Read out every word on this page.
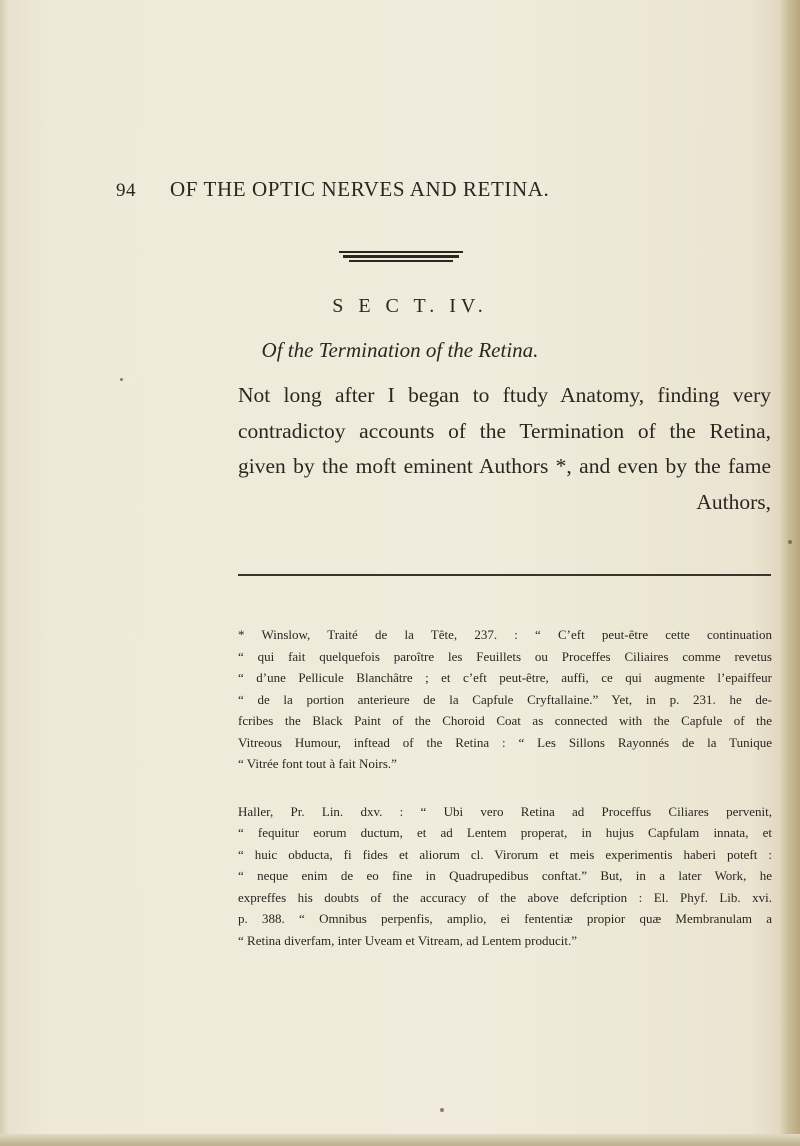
94 OF THE OPTIC NERVES AND RETINA.
S E C T. IV.
Of the Termination of the Retina.
Not long after I began to ftudy Anatomy, finding very
contradictoy accounts of the Termination of the Retina,
given by the moft eminent Authors *, and even by the fame
Authors,
* Winslow, Traité de la Tête, 237. : “ C’eft peut-être cette continuation
“ qui fait quelquefois paroître les Feuillets ou Proceffes Ciliaires comme revetus
“ d’une Pellicule Blanchâtre ; et c’eft peut-être, auffi, ce qui augmente l’epaiffeur
“ de la portion anterieure de la Capfule Cryftallaine.” Yet, in p. 231. he de-
fcribes the Black Paint of the Choroid Coat as connected with the Capfule of the
Vitreous Humour, inftead of the Retina : “ Les Sillons Rayonnés de la Tunique
“ Vitrée font tout à fait Noirs.”
Haller, Pr. Lin. dxv. : “ Ubi vero Retina ad Proceffus Ciliares pervenit,
“ fequitur eorum ductum, et ad Lentem properat, in hujus Capfulam innata, et
“ huic obducta, fi fides et aliorum cl. Virorum et meis experimentis haberi poteft :
“ neque enim de eo fine in Quadrupedibus conftat.” But, in a later Work, he
expreffes his doubts of the accuracy of the above defcription : El. Phyf. Lib. xvi.
p. 388. “ Omnibus perpenfis, amplio, ei fententiæ propior quæ Membranulam a
“ Retina diverfam, inter Uveam et Vitream, ad Lentem producit.”
